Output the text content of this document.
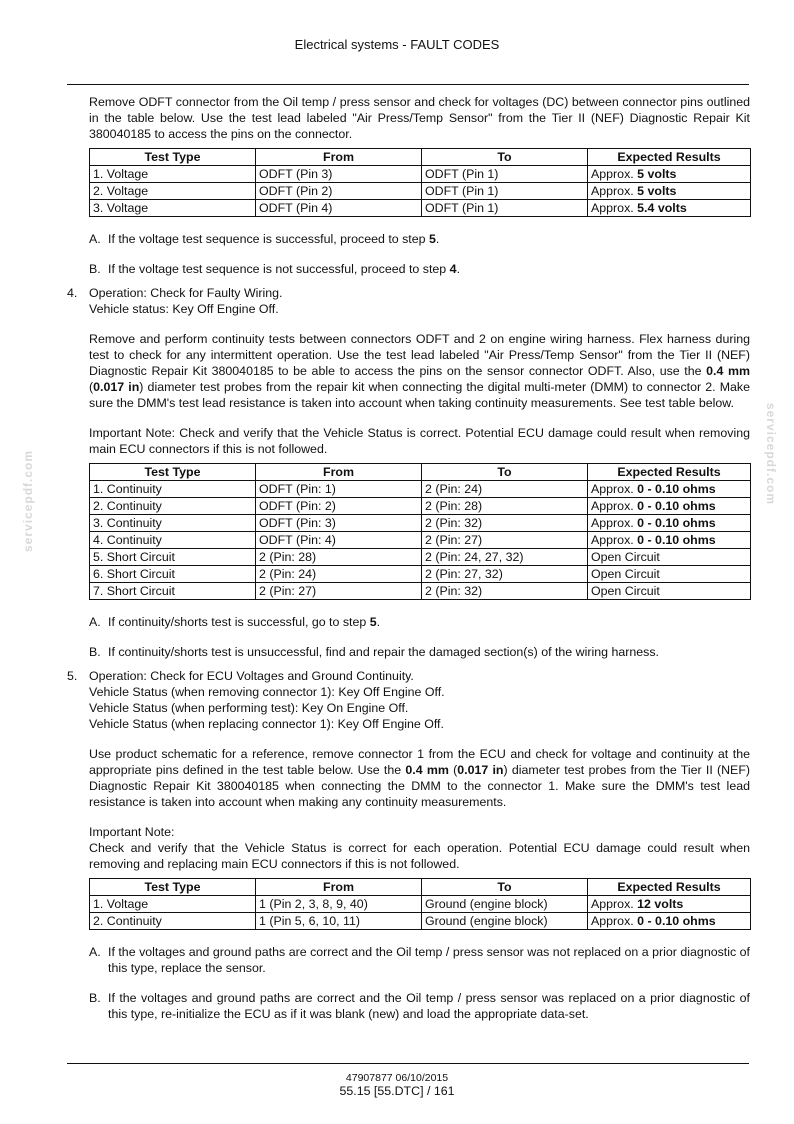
Electrical systems - FAULT CODES
servicepdf.com	servicepdf.com

Remove ODFT connector from the Oil temp / press sensor and check for voltages (DC) between connector pins outlined in the table below. Use the test lead labeled "Air Press/Temp Sensor" from the Tier II (NEF) Diagnostic Repair Kit 380040185 to access the pins on the connector.

Test Type	From	To	Expected Results
1. Voltage	ODFT (Pin 3)	ODFT (Pin 1)	Approx. 5 volts
2. Voltage	ODFT (Pin 2)	ODFT (Pin 1)	Approx. 5 volts
3. Voltage	ODFT (Pin 4)	ODFT (Pin 1)	Approx. 5.4 volts
A. If the voltage test sequence is successful, proceed to step 5.
B. If the voltage test sequence is not successful, proceed to step 4.
4. Operation: Check for Faulty Wiring.

Vehicle status: Key Off Engine Off.

Remove and perform continuity tests between connectors ODFT and 2 on engine wiring harness. Flex harness during test to check for any intermittent operation. Use the test lead labeled "Air Press/Temp Sensor" from the Tier II (NEF) Diagnostic Repair Kit 380040185 to be able to access the pins on the sensor connector ODFT. Also, use the 0.4 mm (0.017 in) diameter test probes from the repair kit when connecting the digital multi-meter (DMM) to connector 2. Make sure the DMM's test lead resistance is taken into account when taking continuity measurements. See test table below.

Important Note: Check and verify that the Vehicle Status is correct. Potential ECU damage could result when removing main ECU connectors if this is not followed.

Test Type	From	To	Expected Results
1. Continuity	ODFT (Pin: 1)	2 (Pin: 24)	Approx. 0 - 0.10 ohms
2. Continuity	ODFT (Pin: 2)	2 (Pin: 28)	Approx. 0 - 0.10 ohms
3. Continuity	ODFT (Pin: 3)	2 (Pin: 32)	Approx. 0 - 0.10 ohms
4. Continuity	ODFT (Pin: 4)	2 (Pin: 27)	Approx. 0 - 0.10 ohms
5. Short Circuit	2 (Pin: 28)	2 (Pin: 24, 27, 32)	Open Circuit
6. Short Circuit	2 (Pin: 24)	2 (Pin: 27, 32)	Open Circuit
7. Short Circuit	2 (Pin: 27)	2 (Pin: 32)	Open Circuit
A. If continuity/shorts test is successful, go to step 5.
B. If continuity/shorts test is unsuccessful, find and repair the damaged section(s) of the wiring harness.
5. Operation: Check for ECU Voltages and Ground Continuity.

Vehicle Status (when removing connector 1): Key Off Engine Off.

Vehicle Status (when performing test): Key On Engine Off.

Vehicle Status (when replacing connector 1): Key Off Engine Off.

Use product schematic for a reference, remove connector 1 from the ECU and check for voltage and continuity at the appropriate pins defined in the test table below. Use the 0.4 mm (0.017 in) diameter test probes from the Tier II (NEF) Diagnostic Repair Kit 380040185 when connecting the DMM to the connector 1. Make sure the DMM's test lead resistance is taken into account when making any continuity measurements.

Important Note:

Check and verify that the Vehicle Status is correct for each operation. Potential ECU damage could result when removing and replacing main ECU connectors if this is not followed.

Test Type	From	To	Expected Results
1. Voltage	1 (Pin 2, 3, 8, 9, 40)	Ground (engine block)	Approx. 12 volts
2. Continuity	1 (Pin 5, 6, 10, 11)	Ground (engine block)	Approx. 0 - 0.10 ohms
A. If the voltages and ground paths are correct and the Oil temp / press sensor was not replaced on a prior diagnostic of this type, replace the sensor.
B. If the voltages and ground paths are correct and the Oil temp / press sensor was replaced on a prior diagnostic of this type, re-initialize the ECU as if it was blank (new) and load the appropriate data-set.
47907877 06/10/2015
55.15 [55.DTC] / 161
